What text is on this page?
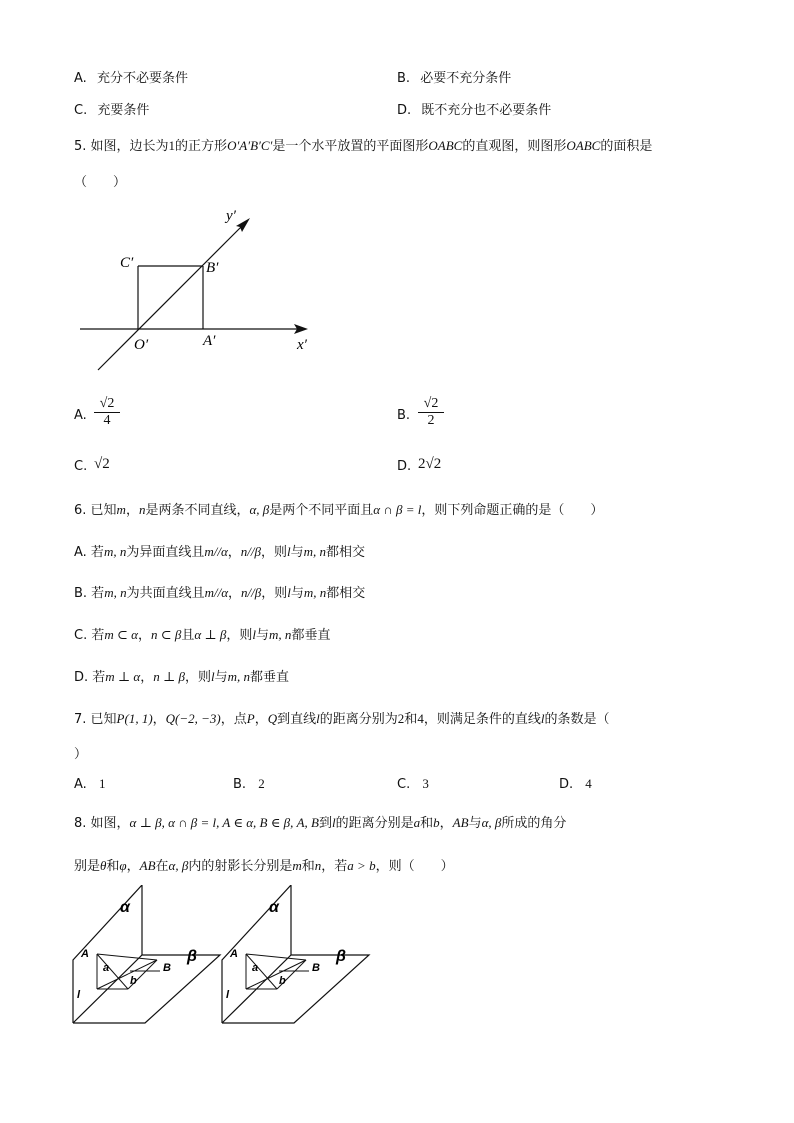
A. 充分不必要条件	B. 必要不充分条件
C. 充要条件	D. 既不充分也不必要条件
5. 如图，边长为1的正方形O′A′B′C′是一个水平放置的平面图形OABC的直观图，则图形OABC的面积是
（　　）
y′
x′
C′	B′
O′	A′
A. $\frac{√2}{4}$	B. $\frac{√2}{2}$
C. √2	D. 2√2
6. 已知m，n是两条不同直线，α, β是两个不同平面且α ∩ β = l，则下列命题正确的是（　　）
A. 若m, n为异面直线且m//α，n//β，则l与m, n都相交
B. 若m, n为共面直线且m//α，n//β，则l与m, n都相交
C. 若m ⊂ α，n ⊂ β且α ⊥ β，则l与m, n都垂直
D. 若m ⊥ α，n ⊥ β，则l与m, n都垂直
7. 已知P(1, 1)，Q(−2, −3)，点P，Q到直线l的距离分别为2和4，则满足条件的直线l的条数是（
）
A. 1	B. 2	C. 3	D. 4
8. 如图，α ⊥ β, α ∩ β = l, A ∈ α, B ∈ β, A, B到l的距离分别是a和b，AB与α, β所成的角分
别是θ和φ，AB在α, β内的射影长分别是m和n，若a > b，则（　　）
α
β
A
B
a
b
l
α
β
A
B
a
b
l
